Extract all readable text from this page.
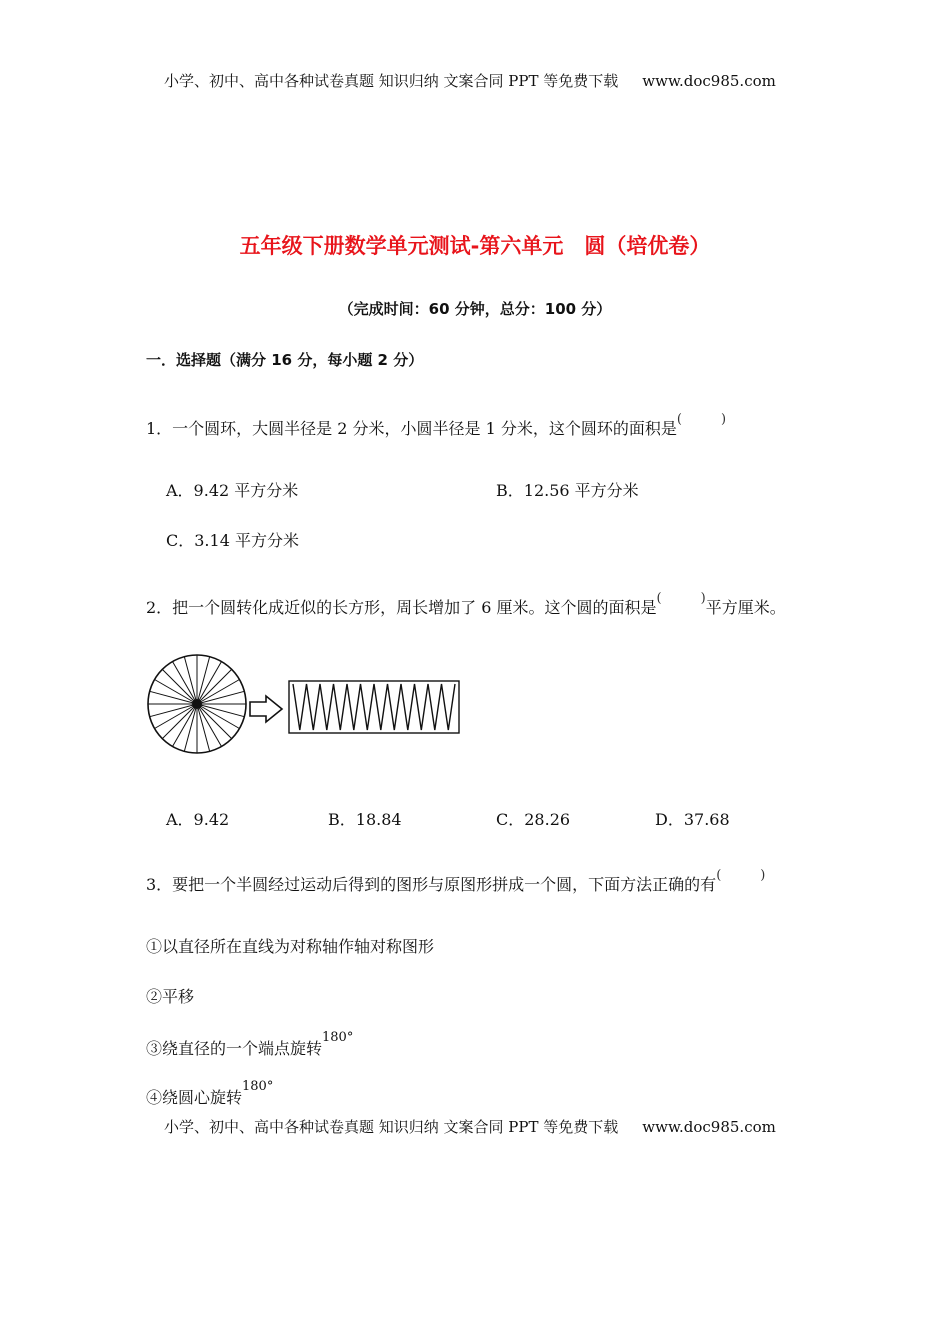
小学、初中、高中各种试卷真题 知识归纳 文案合同 PPT 等免费下载 www.doc985.com
五年级下册数学单元测试-第六单元　圆（培优卷）
（完成时间：60 分钟，总分：100 分）
一．选择题（满分 16 分，每小题 2 分）
1．一个圆环，大圆半径是 2 分米，小圆半径是 1 分米，这个圆环的面积是(　　　)
A．9.42 平方分米	B．12.56 平方分米
C．3.14 平方分米
2．把一个圆转化成近似的长方形，周长增加了 6 厘米。这个圆的面积是(　　　)平方厘米。
A．9.42	B．18.84	C．28.26	D．37.68
3．要把一个半圆经过运动后得到的图形与原图形拼成一个圆，下面方法正确的有(　　　)
①以直径所在直线为对称轴作轴对称图形
②平移
③绕直径的一个端点旋转$^{180^\circ}$
④绕圆心旋转$^{180^\circ}$
小学、初中、高中各种试卷真题 知识归纳 文案合同 PPT 等免费下载 www.doc985.com
